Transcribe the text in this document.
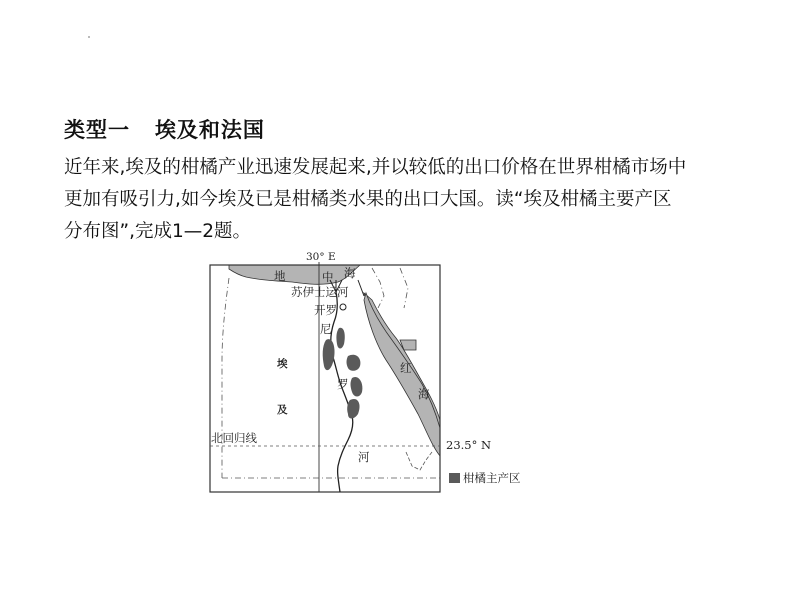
类型一 埃及和法国
近年来,埃及的柑橘产业迅速发展起来,并以较低的出口价格在世界柑橘市场中
更加有吸引力,如今埃及已是柑橘类水果的出口大国。读“埃及柑橘主要产区
分布图”,完成1—2题。
30° E
北回归线	23.5° N
地	中 海
苏伊士运河
开罗
尼
罗
河
红
海
埃
及
柑橘主产区
